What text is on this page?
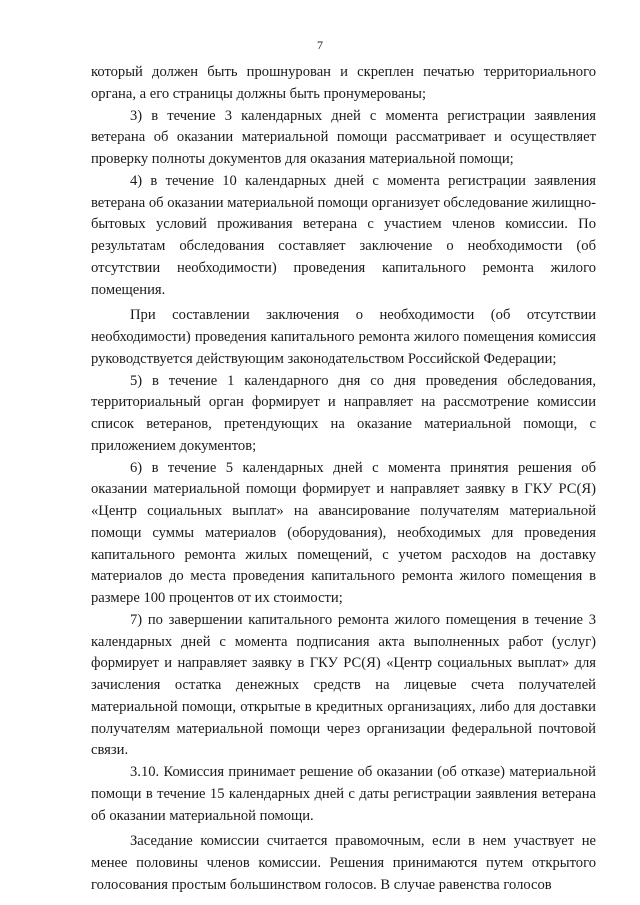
7

который должен быть прошнурован и скреплен печатью территориального органа, а его страницы должны быть пронумерованы;

3) в течение 3 календарных дней с момента регистрации заявления ветерана об оказании материальной помощи рассматривает и осуществляет проверку полноты документов для оказания материальной помощи;

4) в течение 10 календарных дней с момента регистрации заявления ветерана об оказании материальной помощи организует обследование жилищно-бытовых условий проживания ветерана с участием членов комиссии. По результатам обследования составляет заключение о необходимости (об отсутствии необходимости) проведения капитального ремонта жилого помещения.

При составлении заключения о необходимости (об отсутствии необходимости) проведения капитального ремонта жилого помещения комиссия руководствуется действующим законодательством Российской Федерации;

5) в течение 1 календарного дня со дня проведения обследования, территориальный орган формирует и направляет на рассмотрение комиссии список ветеранов, претендующих на оказание материальной помощи, с приложением документов;

6) в течение 5 календарных дней с момента принятия решения об оказании материальной помощи формирует и направляет заявку в ГКУ РС(Я) «Центр социальных выплат» на авансирование получателям материальной помощи суммы материалов (оборудования), необходимых для проведения капитального ремонта жилых помещений, с учетом расходов на доставку материалов до места проведения капитального ремонта жилого помещения в размере 100 процентов от их стоимости;

7) по завершении капитального ремонта жилого помещения в течение 3 календарных дней с момента подписания акта выполненных работ (услуг) формирует и направляет заявку в ГКУ РС(Я) «Центр социальных выплат» для зачисления остатка денежных средств на лицевые счета получателей материальной помощи, открытые в кредитных организациях, либо для доставки получателям материальной помощи через организации федеральной почтовой связи.

3.10. Комиссия принимает решение об оказании (об отказе) материальной помощи в течение 15 календарных дней с даты регистрации заявления ветерана об оказании материальной помощи.

Заседание комиссии считается правомочным, если в нем участвует не менее половины членов комиссии. Решения принимаются путем открытого голосования простым большинством голосов. В случае равенства голосов
